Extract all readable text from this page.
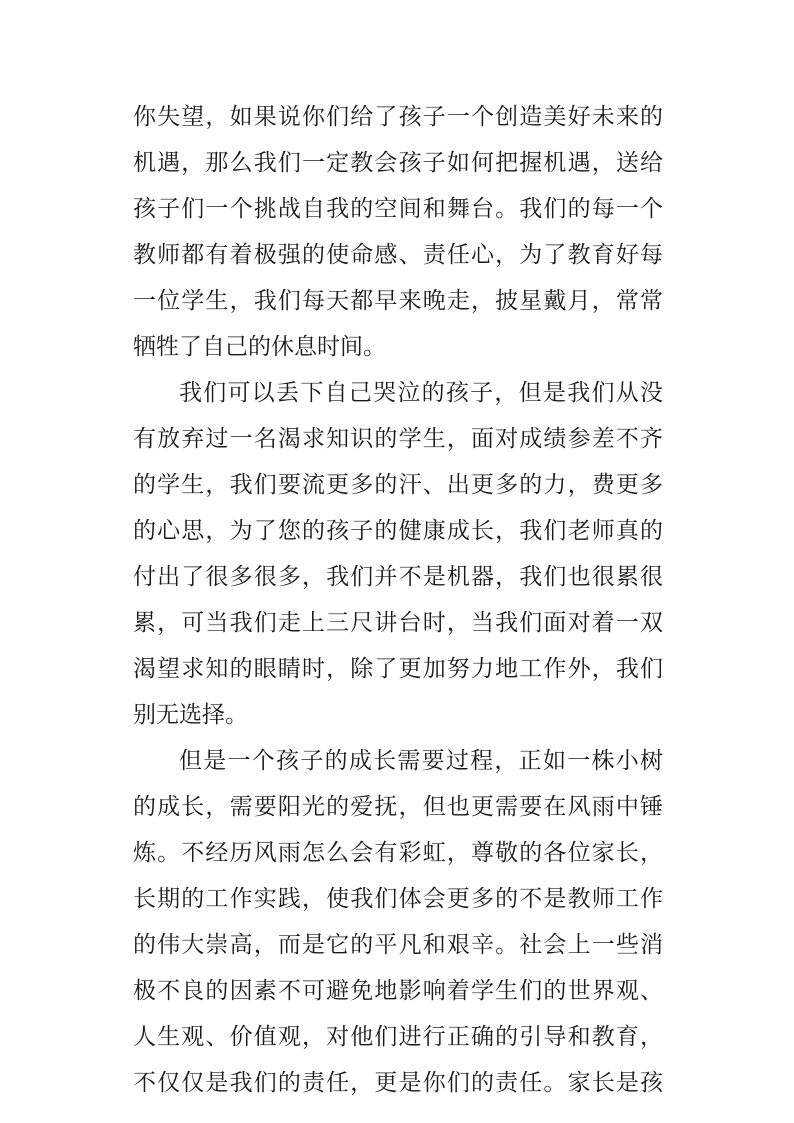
你失望，如果说你们给了孩子一个创造美好未来的
机遇，那么我们一定教会孩子如何把握机遇，送给
孩子们一个挑战自我的空间和舞台。我们的每一个
教师都有着极强的使命感、责任心，为了教育好每
一位学生，我们每天都早来晚走，披星戴月，常常
牺牲了自己的休息时间。
我们可以丢下自己哭泣的孩子，但是我们从没
有放弃过一名渴求知识的学生，面对成绩参差不齐
的学生，我们要流更多的汗、出更多的力，费更多
的心思，为了您的孩子的健康成长，我们老师真的
付出了很多很多，我们并不是机器，我们也很累很
累，可当我们走上三尺讲台时，当我们面对着一双
渴望求知的眼睛时，除了更加努力地工作外，我们
别无选择。
但是一个孩子的成长需要过程，正如一株小树
的成长，需要阳光的爱抚，但也更需要在风雨中锤
炼。不经历风雨怎么会有彩虹，尊敬的各位家长，
长期的工作实践，使我们体会更多的不是教师工作
的伟大崇高，而是它的平凡和艰辛。社会上一些消
极不良的因素不可避免地影响着学生们的世界观、
人生观、价值观，对他们进行正确的引导和教育，
不仅仅是我们的责任，更是你们的责任。家长是孩
